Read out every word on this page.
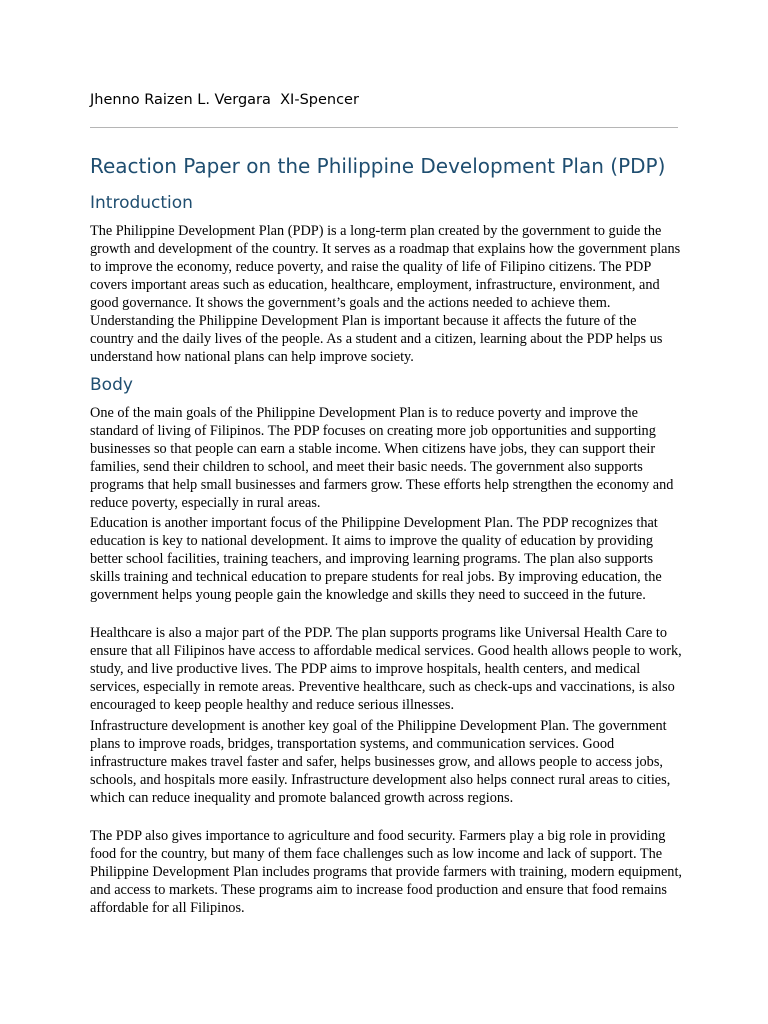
Jhenno Raizen L. Vergara  XI-Spencer

Reaction Paper on the Philippine Development Plan (PDP)
Introduction

The Philippine Development Plan (PDP) is a long-term plan created by the government to guide the growth and development of the country. It serves as a roadmap that explains how the government plans to improve the economy, reduce poverty, and raise the quality of life of Filipino citizens. The PDP covers important areas such as education, healthcare, employment, infrastructure, environment, and good governance. It shows the government’s goals and the actions needed to achieve them. Understanding the Philippine Development Plan is important because it affects the future of the country and the daily lives of the people. As a student and a citizen, learning about the PDP helps us understand how national plans can help improve society.

Body

One of the main goals of the Philippine Development Plan is to reduce poverty and improve the standard of living of Filipinos. The PDP focuses on creating more job opportunities and supporting businesses so that people can earn a stable income. When citizens have jobs, they can support their families, send their children to school, and meet their basic needs. The government also supports programs that help small businesses and farmers grow. These efforts help strengthen the economy and reduce poverty, especially in rural areas.

Education is another important focus of the Philippine Development Plan. The PDP recognizes that education is key to national development. It aims to improve the quality of education by providing better school facilities, training teachers, and improving learning programs. The plan also supports skills training and technical education to prepare students for real jobs. By improving education, the government helps young people gain the knowledge and skills they need to succeed in the future.

Healthcare is also a major part of the PDP. The plan supports programs like Universal Health Care to ensure that all Filipinos have access to affordable medical services. Good health allows people to work, study, and live productive lives. The PDP aims to improve hospitals, health centers, and medical services, especially in remote areas. Preventive healthcare, such as check-ups and vaccinations, is also encouraged to keep people healthy and reduce serious illnesses.

Infrastructure development is another key goal of the Philippine Development Plan. The government plans to improve roads, bridges, transportation systems, and communication services. Good infrastructure makes travel faster and safer, helps businesses grow, and allows people to access jobs, schools, and hospitals more easily. Infrastructure development also helps connect rural areas to cities, which can reduce inequality and promote balanced growth across regions.

The PDP also gives importance to agriculture and food security. Farmers play a big role in providing food for the country, but many of them face challenges such as low income and lack of support. The Philippine Development Plan includes programs that provide farmers with training, modern equipment, and access to markets. These programs aim to increase food production and ensure that food remains affordable for all Filipinos.
